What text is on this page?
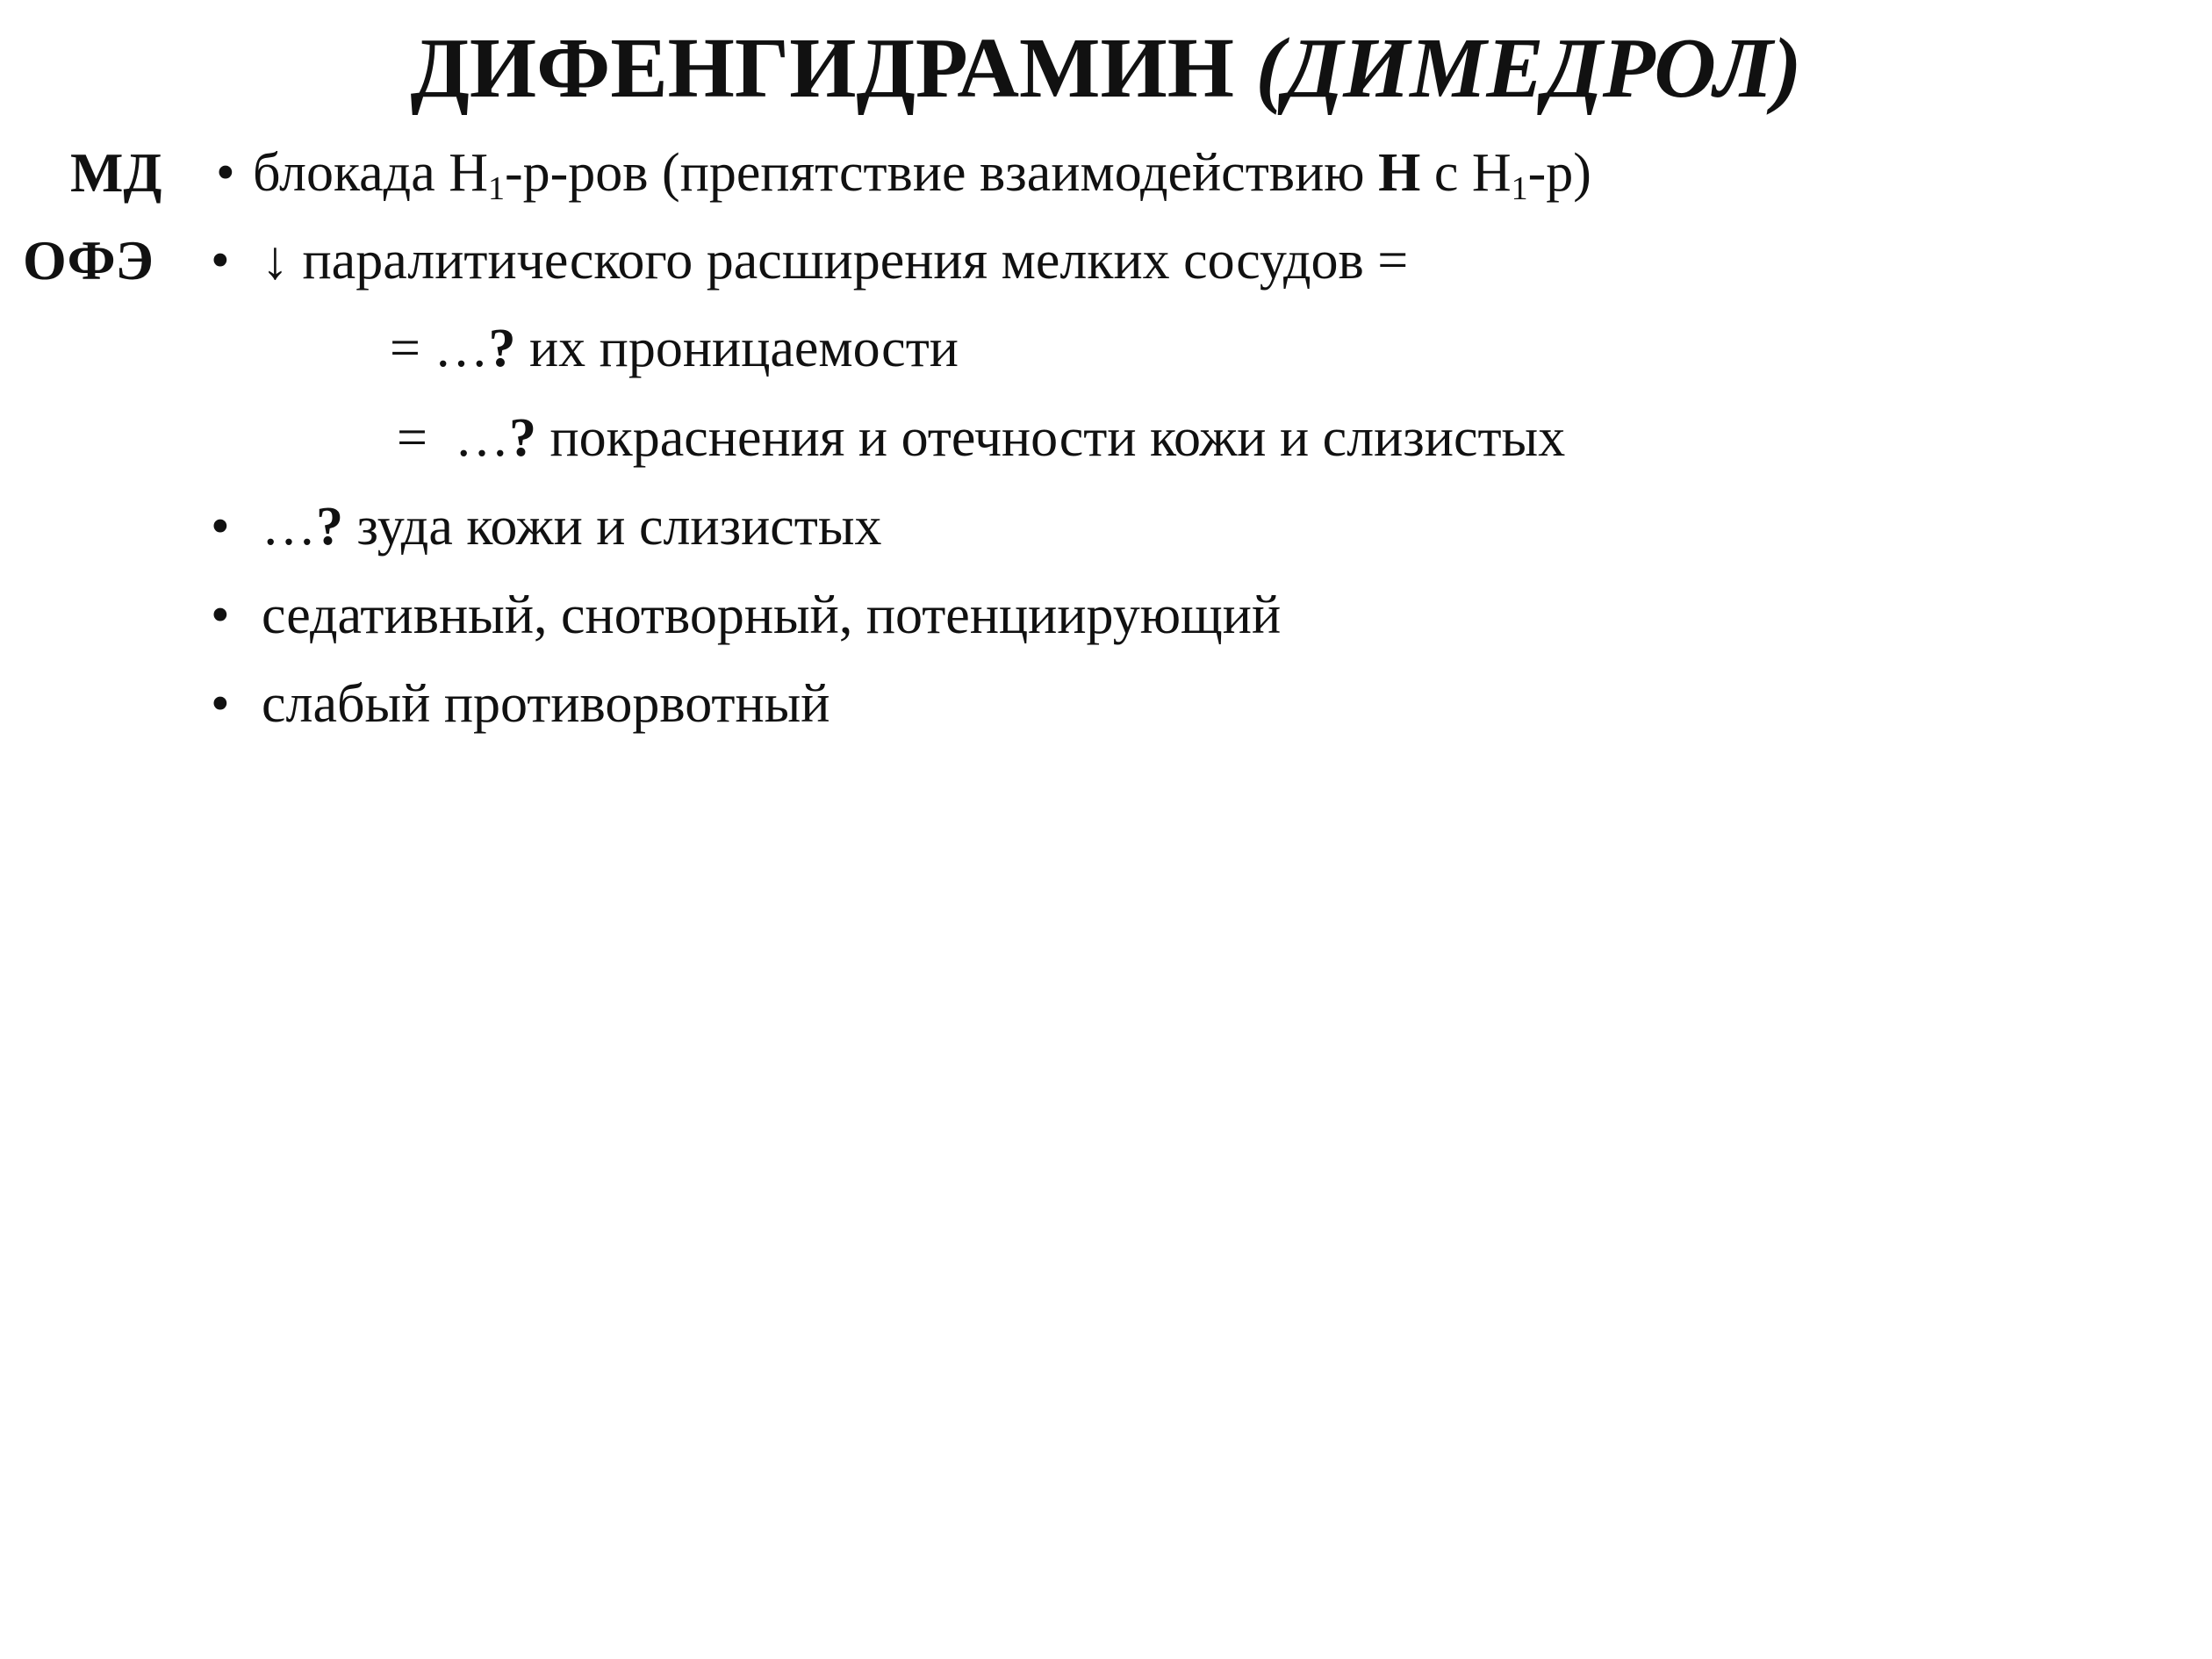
ДИФЕНГИДРАМИН (ДИМЕДРОЛ)
МД • блокада $Н_1-р$-ров (препятствие взаимодействию Н с $Н_1-р$)
ОФЭ • ↓ паралитического расширения мелких сосудов =
= …? их проницаемости
=  …? покраснения и отечности кожи и слизистых
• …? зуда кожи и слизистых
• седативный, снотворный, потенциирующий
• слабый противорвотный
